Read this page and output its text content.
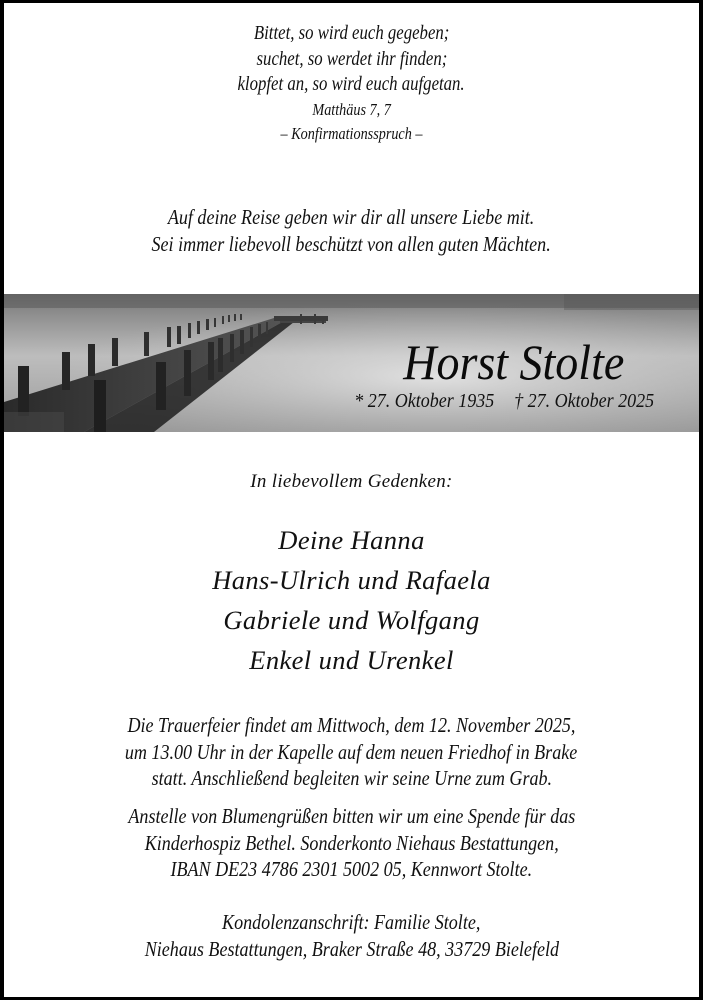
Bittet, so wird euch gegeben;
suchet, so werdet ihr finden;
klopfet an, so wird euch aufgetan.
Matthäus 7, 7
– Konfirmationsspruch –
Auf deine Reise geben wir dir all unsere Liebe mit.
Sei immer liebevoll beschützt von allen guten Mächten.
Horst Stolte
* 27. Oktober 1935 † 27. Oktober 2025
In liebevollem Gedenken:
Deine Hanna
Hans-Ulrich und Rafaela
Gabriele und Wolfgang
Enkel und Urenkel
Die Trauerfeier findet am Mittwoch, dem 12. November 2025,
um 13.00 Uhr in der Kapelle auf dem neuen Friedhof in Brake
statt. Anschließend begleiten wir seine Urne zum Grab.
Anstelle von Blumengrüßen bitten wir um eine Spende für das
Kinderhospiz Bethel. Sonderkonto Niehaus Bestattungen,
IBAN DE23 4786 2301 5002 05, Kennwort Stolte.
Kondolenzanschrift: Familie Stolte,
Niehaus Bestattungen, Braker Straße 48, 33729 Bielefeld
